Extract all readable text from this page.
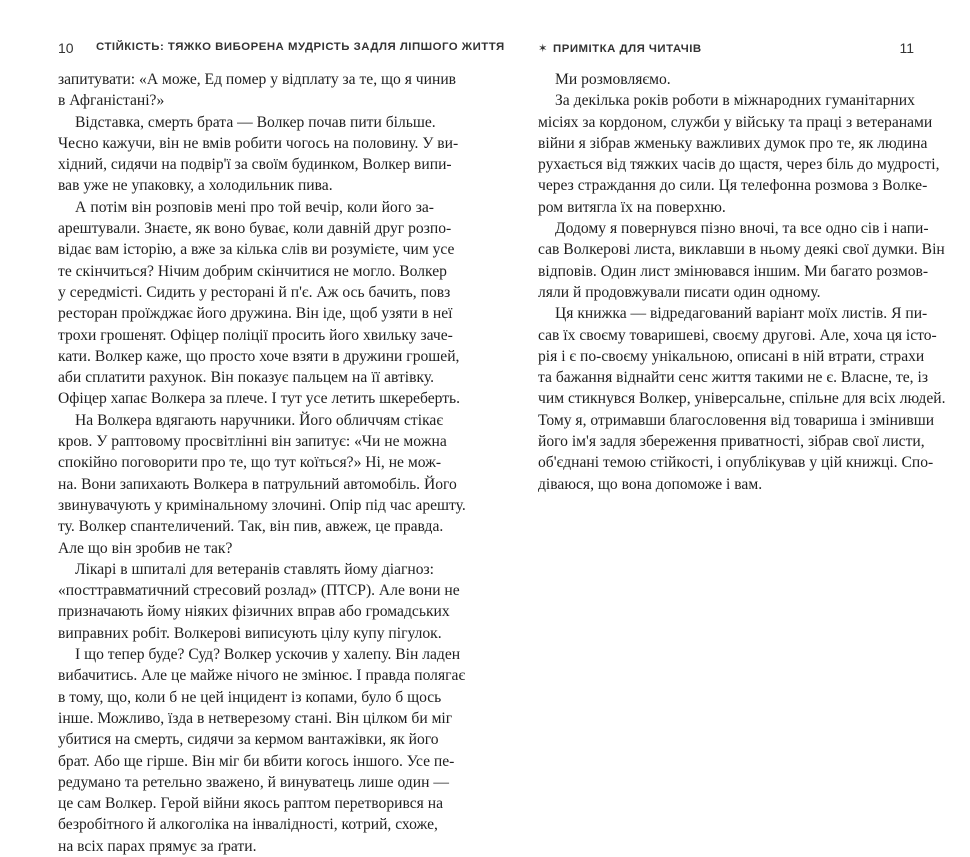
10 СТІЙКІСТЬ: ТЯЖКО ВИБОРЕНА МУДРІСТЬ ЗАДЛЯ ЛІПШОГО ЖИТТЯ
запитувати: «А може, Ед помер у відплату за те, що я чинив
в Афганістані?»
Відставка, смерть брата — Волкер почав пити більше.
Чесно кажучи, він не вмів робити чогось на половину. У ви-
хідний, сидячи на подвір'ї за своїм будинком, Волкер випи-
вав уже не упаковку, а холодильник пива.
А потім він розповів мені про той вечір, коли його за-
арештували. Знаєте, як воно буває, коли давній друг розпо-
відає вам історію, а вже за кілька слів ви розумієте, чим усе
те скінчиться? Нічим добрим скінчитися не могло. Волкер
у середмісті. Сидить у ресторані й п'є. Аж ось бачить, повз
ресторан проїжджає його дружина. Він іде, щоб узяти в неї
трохи грошенят. Офіцер поліції просить його хвильку заче-
кати. Волкер каже, що просто хоче взяти в дружини грошей,
аби сплатити рахунок. Він показує пальцем на її автівку.
Офіцер хапає Волкера за плече. І тут усе летить шкереберть.
На Волкера вдягають наручники. Його обличчям стікає
кров. У раптовому просвітлінні він запитує: «Чи не можна
спокійно поговорити про те, що тут коїться?» Ні, не мож-
на. Вони запихають Волкера в патрульний автомобіль. Його
звинувачують у кримінальному злочині. Опір під час арешту.
ту. Волкер спантеличений. Так, він пив, авжеж, це правда.
Але що він зробив не так?
Лікарі в шпиталі для ветеранів ставлять йому діагноз:
«посттравматичний стресовий розлад» (ПТСР). Але вони не
призначають йому ніяких фізичних вправ або громадських
виправних робіт. Волкерові виписують цілу купу пігулок.
І що тепер буде? Суд? Волкер ускочив у халепу. Він ладен
вибачитись. Але це майже нічого не змінює. І правда полягає
в тому, що, коли б не цей інцидент із копами, було б щось
інше. Можливо, їзда в нетверезому стані. Він цілком би міг
убитися на смерть, сидячи за кермом вантажівки, як його
брат. Або ще гірше. Він міг би вбити когось іншого. Усе пе-
редумано та ретельно зважено, й винуватець лише один —
це сам Волкер. Герой війни якось раптом перетворився на
безробітного й алкоголіка на інвалідності, котрий, схоже,
на всіх парах прямує за ґрати.
✶ ПРИМІТКА ДЛЯ ЧИТАЧІВ	11
Ми розмовляємо.
За декілька років роботи в міжнародних гуманітарних
місіях за кордоном, служби у війську та праці з ветеранами
війни я зібрав жменьку важливих думок про те, як людина
рухається від тяжких часів до щастя, через біль до мудрості,
через страждання до сили. Ця телефонна розмова з Волке-
ром витягла їх на поверхню.
Додому я повернувся пізно вночі, та все одно сів і напи-
сав Волкерові листа, виклавши в ньому деякі свої думки. Він
відповів. Один лист змінювався іншим. Ми багато розмов-
ляли й продовжували писати один одному.
Ця книжка — відредагований варіант моїх листів. Я пи-
сав їх своєму товаришеві, своєму другові. Але, хоча ця істо-
рія і є по-своєму унікальною, описані в ній втрати, страхи
та бажання віднайти сенс життя такими не є. Власне, те, із
чим стикнувся Волкер, універсальне, спільне для всіх людей.
Тому я, отримавши благословення від товариша і змінивши
його ім'я задля збереження приватності, зібрав свої листи,
об'єднані темою стійкості, і опублікував у цій книжці. Спо-
діваюся, що вона допоможе і вам.
